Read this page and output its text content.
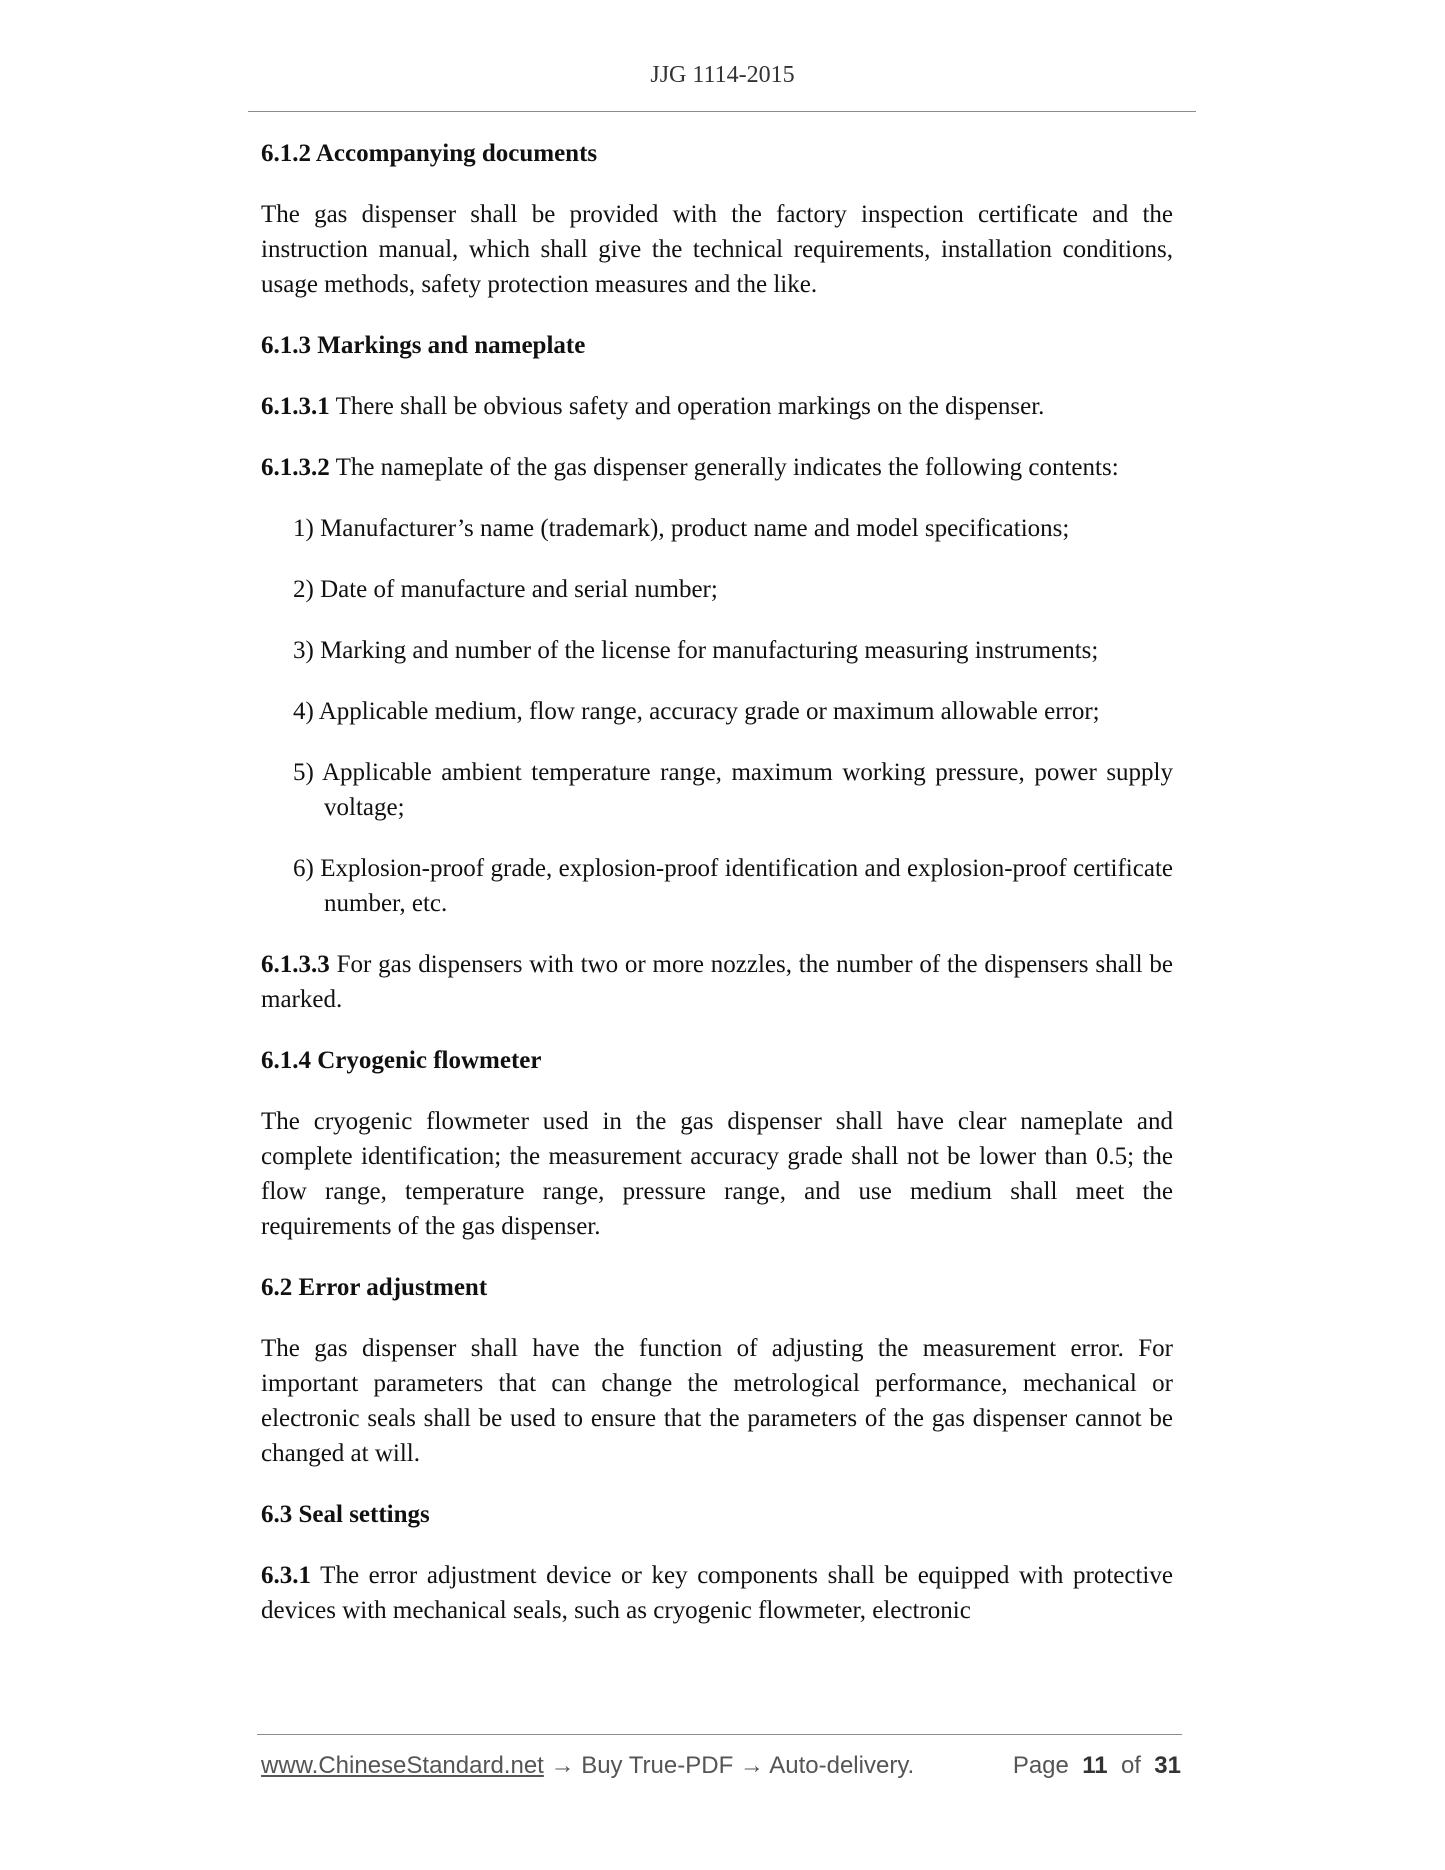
JJG 1114-2015

6.1.2 Accompanying documents

The gas dispenser shall be provided with the factory inspection certificate and the instruction manual, which shall give the technical requirements, installation conditions, usage methods, safety protection measures and the like.

6.1.3 Markings and nameplate

6.1.3.1 There shall be obvious safety and operation markings on the dispenser.

6.1.3.2 The nameplate of the gas dispenser generally indicates the following contents:

1) Manufacturer’s name (trademark), product name and model specifications;

2) Date of manufacture and serial number;

3) Marking and number of the license for manufacturing measuring instruments;

4) Applicable medium, flow range, accuracy grade or maximum allowable error;

5) Applicable ambient temperature range, maximum working pressure, power supply voltage;

6) Explosion-proof grade, explosion-proof identification and explosion-proof certificate number, etc.

6.1.3.3 For gas dispensers with two or more nozzles, the number of the dispensers shall be marked.

6.1.4 Cryogenic flowmeter

The cryogenic flowmeter used in the gas dispenser shall have clear nameplate and complete identification; the measurement accuracy grade shall not be lower than 0.5; the flow range, temperature range, pressure range, and use medium shall meet the requirements of the gas dispenser.

6.2 Error adjustment

The gas dispenser shall have the function of adjusting the measurement error. For important parameters that can change the metrological performance, mechanical or electronic seals shall be used to ensure that the parameters of the gas dispenser cannot be changed at will.

6.3 Seal settings

6.3.1 The error adjustment device or key components shall be equipped with protective devices with mechanical seals, such as cryogenic flowmeter, electronic

www.ChineseStandard.net → Buy True-PDF → Auto-delivery.	Page 11 of 31
